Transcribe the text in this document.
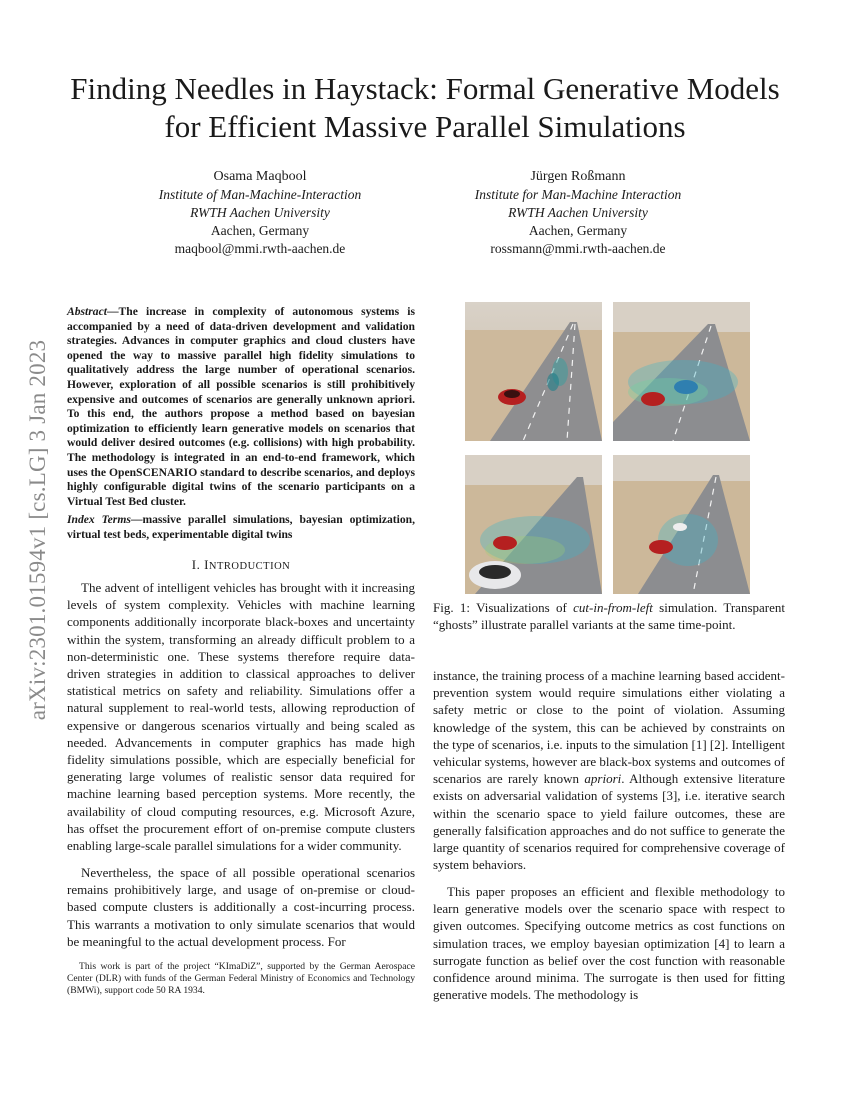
Finding Needles in Haystack: Formal Generative Models for Efficient Massive Parallel Simulations
Osama Maqbool
Institute of Man-Machine-Interaction
RWTH Aachen University
Aachen, Germany
maqbool@mmi.rwth-aachen.de
Jürgen Roßmann
Institute for Man-Machine Interaction
RWTH Aachen University
Aachen, Germany
rossmann@mmi.rwth-aachen.de
arXiv:2301.01594v1 [cs.LG] 3 Jan 2023
Abstract—The increase in complexity of autonomous systems is accompanied by a need of data-driven development and validation strategies. Advances in computer graphics and cloud clusters have opened the way to massive parallel high fidelity simulations to qualitatively address the large number of operational scenarios. However, exploration of all possible scenarios is still prohibitively expensive and outcomes of scenarios are generally unknown apriori. To this end, the authors propose a method based on bayesian optimization to efficiently learn generative models on scenarios that would deliver desired outcomes (e.g. collisions) with high probability. The methodology is integrated in an end-to-end framework, which uses the OpenSCENARIO standard to describe scenarios, and deploys highly configurable digital twins of the scenario participants on a Virtual Test Bed cluster.
Index Terms—massive parallel simulations, bayesian optimization, virtual test beds, experimentable digital twins
I. INTRODUCTION
The advent of intelligent vehicles has brought with it increasing levels of system complexity. Vehicles with machine learning components additionally incorporate black-boxes and uncertainty within the system, transforming an already difficult problem to a non-deterministic one. These systems therefore require data-driven strategies in addition to classical approaches to deliver statistical metrics on safety and reliability. Simulations offer a natural supplement to real-world tests, allowing reproduction of expensive or dangerous scenarios virtually and being scaled as needed. Advancements in computer graphics has made high fidelity simulations possible, which are especially beneficial for generating large volumes of realistic sensor data required for machine learning based perception systems. More recently, the availability of cloud computing resources, e.g. Microsoft Azure, has offset the procurement effort of on-premise compute clusters enabling large-scale parallel simulations for a wider community.
Nevertheless, the space of all possible operational scenarios remains prohibitively large, and usage of on-premise or cloud-based compute clusters is additionally a cost-incurring process. This warrants a motivation to only simulate scenarios that would be meaningful to the actual development process. For
This work is part of the project “KImaDiZ”, supported by the German Aerospace Center (DLR) with funds of the German Federal Ministry of Economics and Technology (BMWi), support code 50 RA 1934.
Fig. 1: Visualizations of cut-in-from-left simulation. Transparent “ghosts” illustrate parallel variants at the same time-point.
instance, the training process of a machine learning based accident-prevention system would require simulations either violating a safety metric or close to the point of violation. Assuming knowledge of the system, this can be achieved by constraints on the type of scenarios, i.e. inputs to the simulation [1] [2]. Intelligent vehicular systems, however are black-box systems and outcomes of scenarios are rarely known apriori. Although extensive literature exists on adversarial validation of systems [3], i.e. iterative search within the scenario space to yield failure outcomes, these are generally falsification approaches and do not suffice to generate the large quantity of scenarios required for comprehensive coverage of system behaviors.
This paper proposes an efficient and flexible methodology to learn generative models over the scenario space with respect to given outcomes. Specifying outcome metrics as cost functions on simulation traces, we employ bayesian optimization [4] to learn a surrogate function as belief over the cost function with reasonable confidence around minima. The surrogate is then used for fitting generative models. The methodology is
